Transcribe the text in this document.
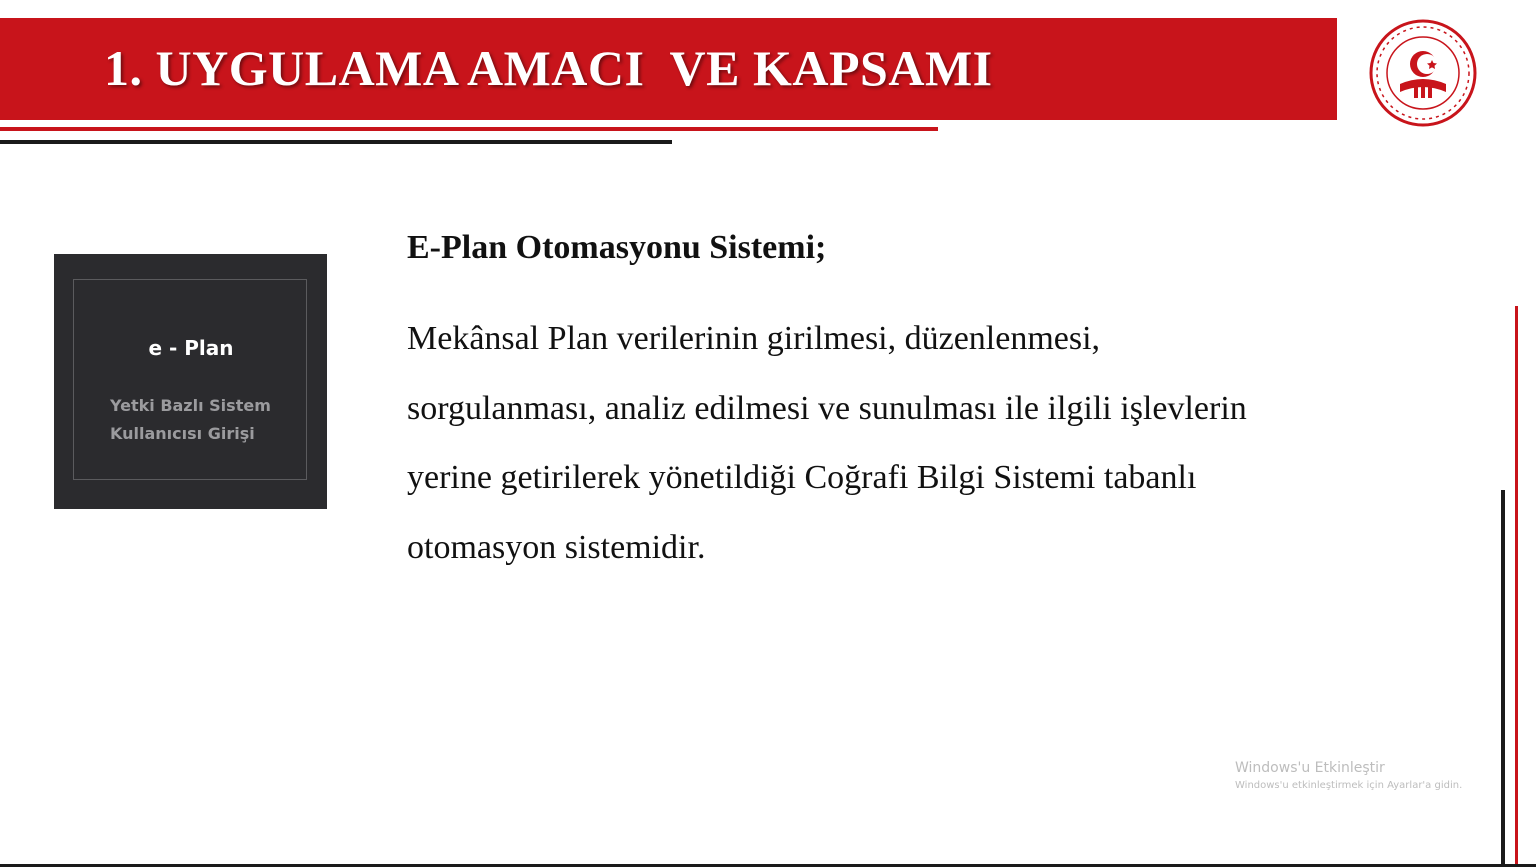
1. UYGULAMA AMACI  VE KAPSAMI

e - Plan

Yetki Bazlı Sistem Kullanıcısı Girişi

E-Plan Otomasyonu Sistemi;

Mekânsal Plan verilerinin girilmesi, düzenlenmesi, sorgulanması, analiz edilmesi ve sunulması ile ilgili işlevlerin yerine getirilerek yönetildiği Coğrafi Bilgi Sistemi tabanlı otomasyon sistemidir.

Windows'u Etkinleştir
Windows'u etkinleştirmek için Ayarlar'a gidin.
